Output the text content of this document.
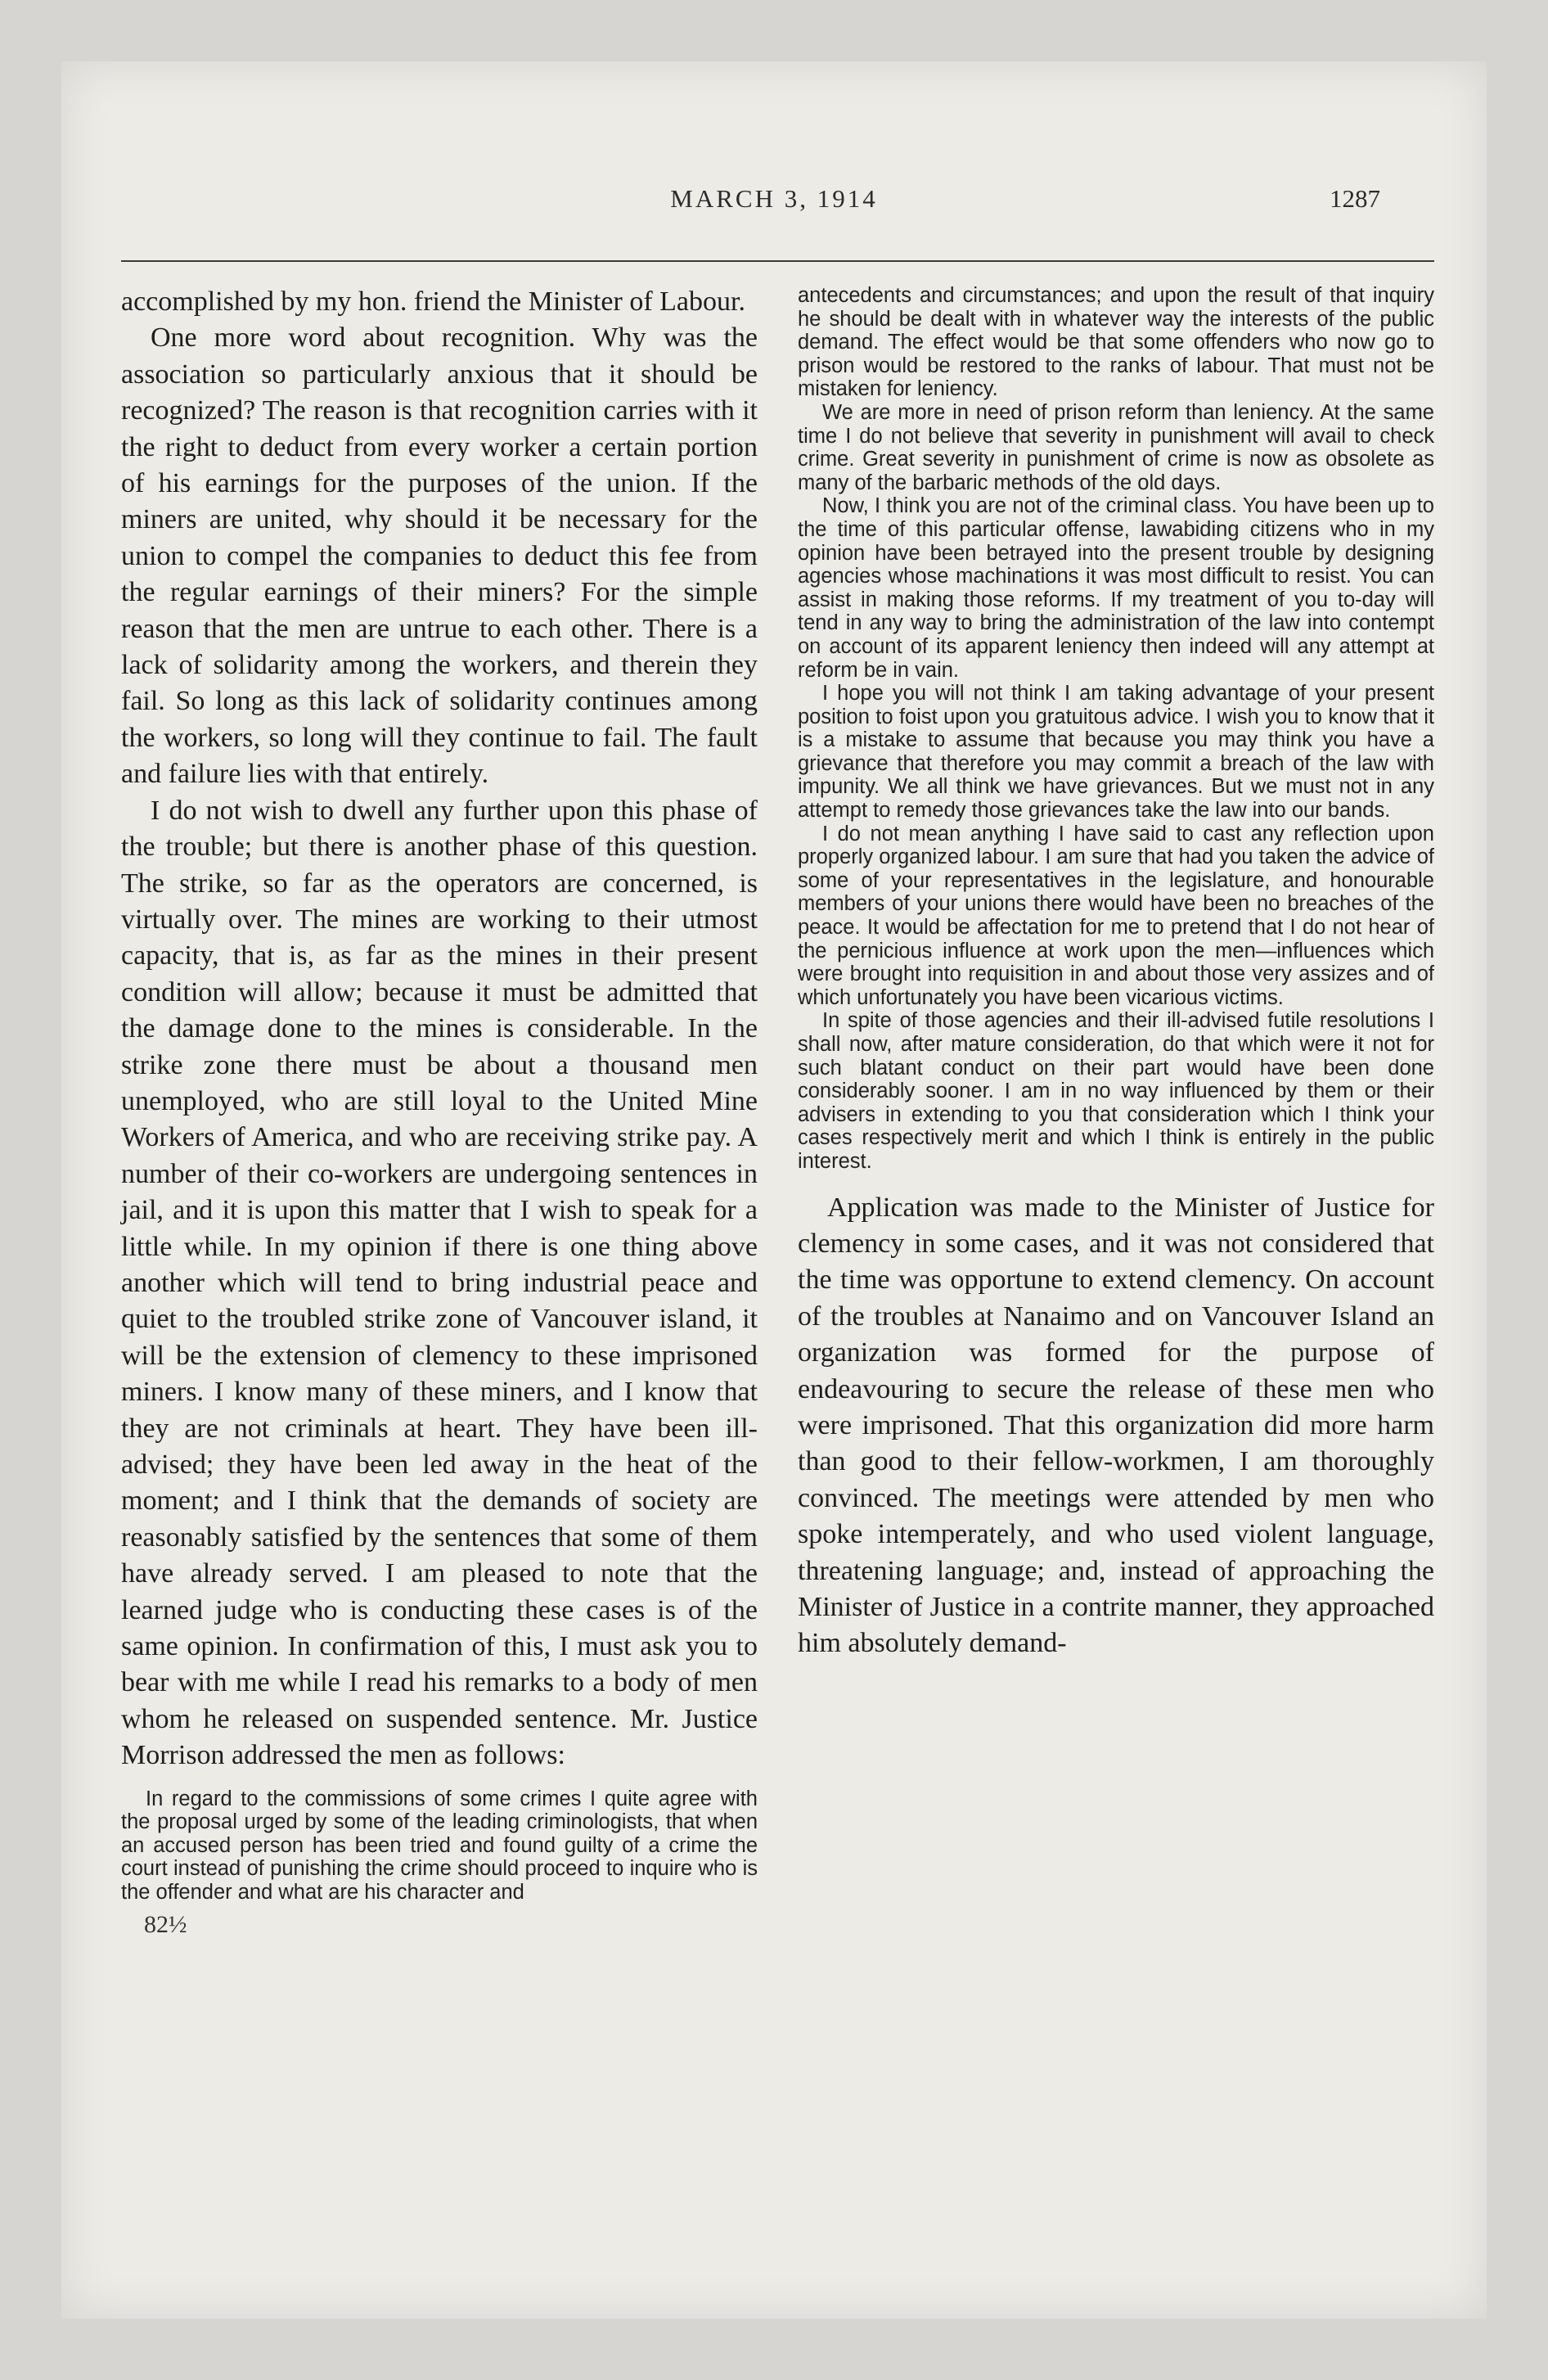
MARCH 3, 1914	1287

accomplished by my hon. friend the Minister of Labour.

One more word about recognition. Why was the association so particularly anxious that it should be recognized? The reason is that recognition carries with it the right to deduct from every worker a certain portion of his earnings for the purposes of the union. If the miners are united, why should it be necessary for the union to compel the companies to deduct this fee from the regular earnings of their miners? For the simple reason that the men are untrue to each other. There is a lack of solidarity among the workers, and therein they fail. So long as this lack of solidarity continues among the workers, so long will they continue to fail. The fault and failure lies with that entirely.

I do not wish to dwell any further upon this phase of the trouble; but there is another phase of this question. The strike, so far as the operators are concerned, is virtually over. The mines are working to their utmost capacity, that is, as far as the mines in their present condition will allow; because it must be admitted that the damage done to the mines is considerable. In the strike zone there must be about a thousand men unemployed, who are still loyal to the United Mine Workers of America, and who are receiving strike pay. A number of their co-workers are undergoing sentences in jail, and it is upon this matter that I wish to speak for a little while. In my opinion if there is one thing above another which will tend to bring industrial peace and quiet to the troubled strike zone of Vancouver island, it will be the extension of clemency to these imprisoned miners. I know many of these miners, and I know that they are not criminals at heart. They have been ill-advised; they have been led away in the heat of the moment; and I think that the demands of society are reasonably satisfied by the sentences that some of them have already served. I am pleased to note that the learned judge who is conducting these cases is of the same opinion. In confirmation of this, I must ask you to bear with me while I read his remarks to a body of men whom he released on suspended sentence. Mr. Justice Morrison addressed the men as follows:

In regard to the commissions of some crimes I quite agree with the proposal urged by some of the leading criminologists, that when an accused person has been tried and found guilty of a crime the court instead of punishing the crime should proceed to inquire who is the offender and what are his character and

82½

antecedents and circumstances; and upon the result of that inquiry he should be dealt with in whatever way the interests of the public demand. The effect would be that some offenders who now go to prison would be restored to the ranks of labour. That must not be mistaken for leniency.

We are more in need of prison reform than leniency. At the same time I do not believe that severity in punishment will avail to check crime. Great severity in punishment of crime is now as obsolete as many of the barbaric methods of the old days.

Now, I think you are not of the criminal class. You have been up to the time of this particular offense, lawabiding citizens who in my opinion have been betrayed into the present trouble by designing agencies whose machinations it was most difficult to resist. You can assist in making those reforms. If my treatment of you to-day will tend in any way to bring the administration of the law into contempt on account of its apparent leniency then indeed will any attempt at reform be in vain.

I hope you will not think I am taking advantage of your present position to foist upon you gratuitous advice. I wish you to know that it is a mistake to assume that because you may think you have a grievance that therefore you may commit a breach of the law with impunity. We all think we have grievances. But we must not in any attempt to remedy those grievances take the law into our bands.

I do not mean anything I have said to cast any reflection upon properly organized labour. I am sure that had you taken the advice of some of your representatives in the legislature, and honourable members of your unions there would have been no breaches of the peace. It would be affectation for me to pretend that I do not hear of the pernicious influence at work upon the men—influences which were brought into requisition in and about those very assizes and of which unfortunately you have been vicarious victims.

In spite of those agencies and their ill-advised futile resolutions I shall now, after mature consideration, do that which were it not for such blatant conduct on their part would have been done considerably sooner. I am in no way influenced by them or their advisers in extending to you that consideration which I think your cases respectively merit and which I think is entirely in the public interest.

Application was made to the Minister of Justice for clemency in some cases, and it was not considered that the time was opportune to extend clemency. On account of the troubles at Nanaimo and on Vancouver Island an organization was formed for the purpose of endeavouring to secure the release of these men who were imprisoned. That this organization did more harm than good to their fellow-workmen, I am thoroughly convinced. The meetings were attended by men who spoke intemperately, and who used violent language, threatening language; and, instead of approaching the Minister of Justice in a contrite manner, they approached him absolutely demand-
